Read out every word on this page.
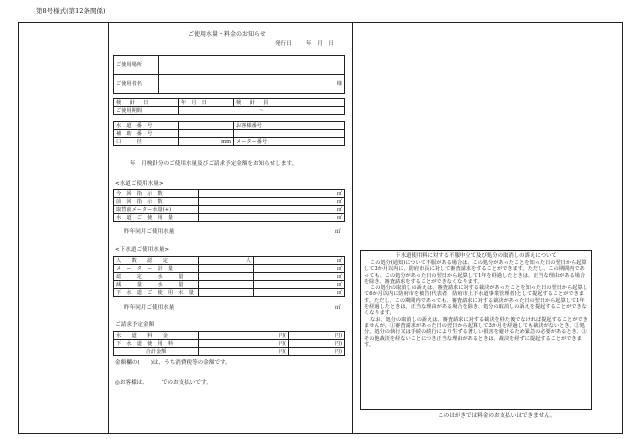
第8号様式(第12条関係)
ご使用水量・料金のお知らせ
発行日	年　月　日
ご使用場所	
ご使用者名	様
検　針　日	年　月　日	検　針　員
ご使用期間	～	
水　道　番　号		お客様番号
補　助　番　号		
口　　　径	mm	メーター番号
年　月検針分のご使用水量及びご請求予定金額をお知らせします。
<水道ご使用水量>
今　回　指　示　数	㎥
前　回　指　示　数	㎥
取替前メーター水量(+)	㎥
水　道　ご　使　用　量	㎥
昨年同月ご使用水量	㎥
<下水道ご使用水量>
人　　数　　認　　定	人	㎥
メ　ー　タ　ー　計　量		㎥
認　　　定　　　水　　　量		㎥
減　　　量　　　水　　　量		㎥
下　水　道　ご　使　用　水　量		㎥
昨年同月ご使用水量	㎥
ご請求予定金額
水　　道　　料　　金	円(	円)
下　水　道　使　用　料	円(	円)
合計金額	円(	円)
金額欄の(　　)は、うち消費税等の金額です。
◎お客様は、　　　でのお支払いです。

下水道使用料に対する不服申立て及び処分の取消しの訴えについて

この処分(通知)について不服がある場合は、この処分があったことを知った日の翌日から起算して3か月以内に、防府市長に対して審査請求をすることができます。ただし、この期間内であっても、この処分があった日の翌日から起算して1年を経過したときは、正当な理由がある場合を除き、審査請求をすることができなくなります。

この処分の取消しの訴えは、審査請求に対する裁決があったことを知った日の翌日から起算して6か月以内に防府市を被告(代表者　防府市上下水道事業管理者)として提起することができます。ただし、この期間内であっても、審査請求に対する裁決があった日の翌日から起算して1年を経過したときは、正当な理由がある場合を除き、処分の取消しの訴えを提起することができなくなります。

なお、処分の取消しの訴えは、審査請求に対する裁決を経た後でなければ提起することができませんが、①審査請求があった日の翌日から起算して3か月を経過しても裁決がないとき、②処分、処分の執行又は手続の続行により生ずる著しい損害を避けるため緊急の必要があるとき、③その他裁決を経ないことにつき正当な理由があるときは、裁決を経ずに提起することができます。

このはがきでは料金のお支払いはできません。
